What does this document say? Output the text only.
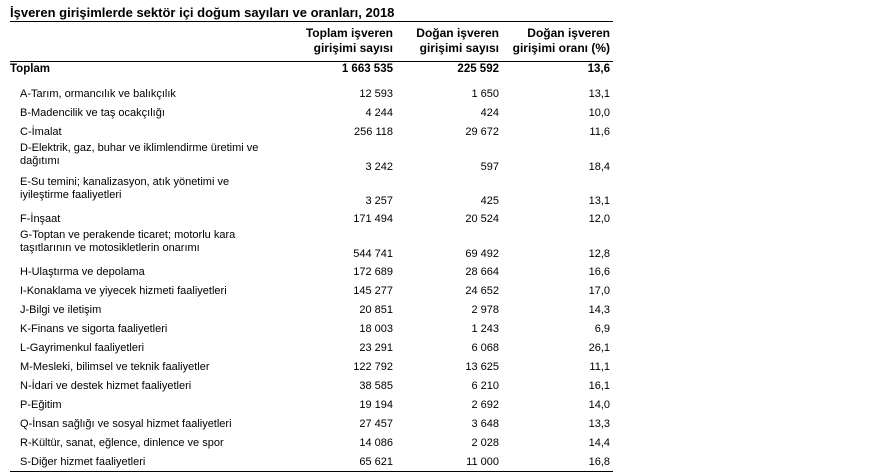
İşveren girişimlerde sektör içi doğum sayıları ve oranları, 2018
	Toplam işveren girişimi sayısı	Doğan işveren girişimi sayısı	Doğan işveren girişimi oranı (%)
Toplam	1 663 535	225 592	13,6
A-Tarım, ormancılık ve balıkçılık	12 593	1 650	13,1
B-Madencilik ve taş ocakçılığı	4 244	424	10,0
C-İmalat	256 118	29 672	11,6
D-Elektrik, gaz, buhar ve iklimlendirme üretimi ve dağıtımı	3 242	597	18,4
E-Su temini; kanalizasyon, atık yönetimi ve iyileştirme faaliyetleri	3 257	425	13,1
F-İnşaat	171 494	20 524	12,0
G-Toptan ve perakende ticaret; motorlu kara taşıtlarının ve motosikletlerin onarımı	544 741	69 492	12,8
H-Ulaştırma ve depolama	172 689	28 664	16,6
I-Konaklama ve yiyecek hizmeti faaliyetleri	145 277	24 652	17,0
J-Bilgi ve iletişim	20 851	2 978	14,3
K-Finans ve sigorta faaliyetleri	18 003	1 243	6,9
L-Gayrimenkul faaliyetleri	23 291	6 068	26,1
M-Mesleki, bilimsel ve teknik faaliyetler	122 792	13 625	11,1
N-İdari ve destek hizmet faaliyetleri	38 585	6 210	16,1
P-Eğitim	19 194	2 692	14,0
Q-İnsan sağlığı ve sosyal hizmet faaliyetleri	27 457	3 648	13,3
R-Kültür, sanat, eğlence, dinlence ve spor	14 086	2 028	14,4
S-Diğer hizmet faaliyetleri	65 621	11 000	16,8
